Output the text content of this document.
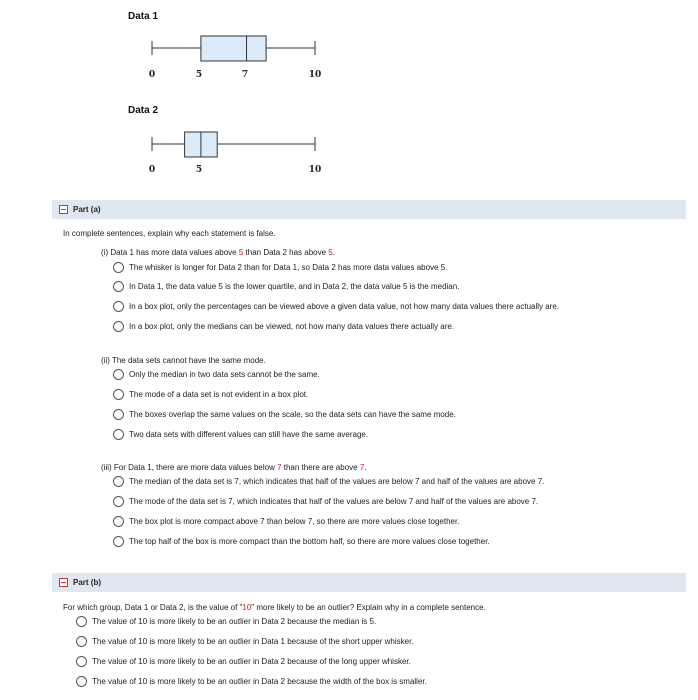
Data 1
0	5	7	10
Data 2
0	5	10
Part (a)
In complete sentences, explain why each statement is false.
(i) Data 1 has more data values above 5 than Data 2 has above 5.
The whisker is longer for Data 2 than for Data 1, so Data 2 has more data values above 5.
In Data 1, the data value 5 is the lower quartile, and in Data 2, the data value 5 is the median.
In a box plot, only the percentages can be viewed above a given data value, not how many data values there actually are.
In a box plot, only the medians can be viewed, not how many data values there actually are.
(ii) The data sets cannot have the same mode.
Only the median in two data sets cannot be the same.
The mode of a data set is not evident in a box plot.
The boxes overlap the same values on the scale, so the data sets can have the same mode.
Two data sets with different values can still have the same average.
(iii) For Data 1, there are more data values below 7 than there are above 7.
The median of the data set is 7, which indicates that half of the values are below 7 and half of the values are above 7.
The mode of the data set is 7, which indicates that half of the values are below 7 and half of the values are above 7.
The box plot is more compact above 7 than below 7, so there are more values close together.
The top half of the box is more compact than the bottom half, so there are more values close together.
Part (b)
For which group, Data 1 or Data 2, is the value of "10" more likely to be an outlier? Explain why in a complete sentence.
The value of 10 is more likely to be an outlier in Data 2 because the median is 5.
The value of 10 is more likely to be an outlier in Data 1 because of the short upper whisker.
The value of 10 is more likely to be an outlier in Data 2 because of the long upper whisker.
The value of 10 is more likely to be an outlier in Data 2 because the width of the box is smaller.
